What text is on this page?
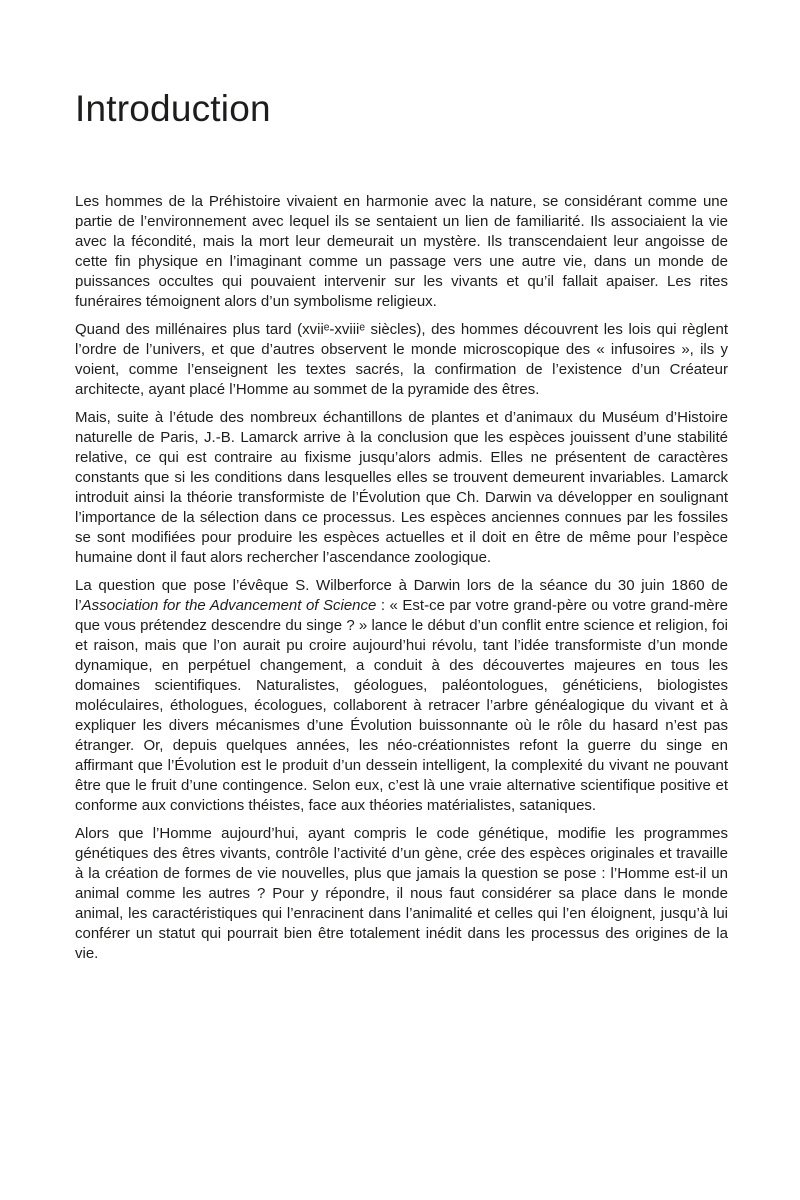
Introduction

Les hommes de la Préhistoire vivaient en harmonie avec la nature, se considérant comme une partie de l’environnement avec lequel ils se sentaient un lien de familiarité. Ils associaient la vie avec la fécondité, mais la mort leur demeurait un mystère. Ils transcendaient leur angoisse de cette fin physique en l’imaginant comme un passage vers une autre vie, dans un monde de puissances occultes qui pouvaient intervenir sur les vivants et qu’il fallait apaiser. Les rites funéraires témoignent alors d’un symbolisme religieux.

Quand des millénaires plus tard (xviiᵉ-xviiiᵉ siècles), des hommes découvrent les lois qui règlent l’ordre de l’univers, et que d’autres observent le monde microscopique des « infusoires », ils y voient, comme l’enseignent les textes sacrés, la confirmation de l’existence d’un Créateur architecte, ayant placé l’Homme au sommet de la pyramide des êtres.

Mais, suite à l’étude des nombreux échantillons de plantes et d’animaux du Muséum d’Histoire naturelle de Paris, J.-B. Lamarck arrive à la conclusion que les espèces jouissent d’une stabilité relative, ce qui est contraire au fixisme jusqu’alors admis. Elles ne présentent de caractères constants que si les conditions dans lesquelles elles se trouvent demeurent invariables. Lamarck introduit ainsi la théorie transformiste de l’Évolution que Ch. Darwin va développer en soulignant l’importance de la sélection dans ce processus. Les espèces anciennes connues par les fossiles se sont modifiées pour produire les espèces actuelles et il doit en être de même pour l’espèce humaine dont il faut alors rechercher l’ascendance zoologique.

La question que pose l’évêque S. Wilberforce à Darwin lors de la séance du 30 juin 1860 de l’Association for the Advancement of Science : « Est-ce par votre grand-père ou votre grand-mère que vous prétendez descendre du singe ? » lance le début d’un conflit entre science et religion, foi et raison, mais que l’on aurait pu croire aujourd’hui révolu, tant l’idée transformiste d’un monde dynamique, en perpétuel changement, a conduit à des découvertes majeures en tous les domaines scientifiques. Naturalistes, géologues, paléontologues, généticiens, biologistes moléculaires, éthologues, écologues, collaborent à retracer l’arbre généalogique du vivant et à expliquer les divers mécanismes d’une Évolution buissonnante où le rôle du hasard n’est pas étranger. Or, depuis quelques années, les néo-créationnistes refont la guerre du singe en affirmant que l’Évolution est le produit d’un dessein intelligent, la complexité du vivant ne pouvant être que le fruit d’une contingence. Selon eux, c’est là une vraie alternative scientifique positive et conforme aux convictions théistes, face aux théories matérialistes, sataniques.

Alors que l’Homme aujourd’hui, ayant compris le code génétique, modifie les programmes génétiques des êtres vivants, contrôle l’activité d’un gène, crée des espèces originales et travaille à la création de formes de vie nouvelles, plus que jamais la question se pose : l’Homme est-il un animal comme les autres ? Pour y répondre, il nous faut considérer sa place dans le monde animal, les caractéristiques qui l’enracinent dans l’animalité et celles qui l’en éloignent, jusqu’à lui conférer un statut qui pourrait bien être totalement inédit dans les processus des origines de la vie.
